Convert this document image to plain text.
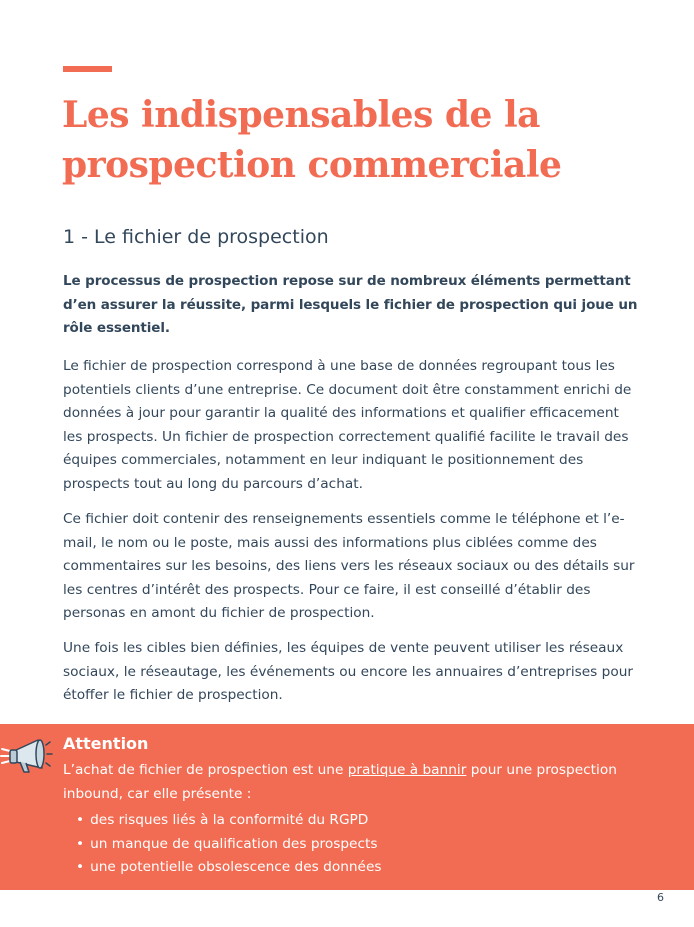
Les indispensables de la prospection commerciale
1 - Le fichier de prospection

Le processus de prospection repose sur de nombreux éléments permettant d’en assurer la réussite, parmi lesquels le fichier de prospection qui joue un rôle essentiel.

Le fichier de prospection correspond à une base de données regroupant tous les potentiels clients d’une entreprise. Ce document doit être constamment enrichi de données à jour pour garantir la qualité des informations et qualifier efficacement les prospects. Un fichier de prospection correctement qualifié facilite le travail des équipes commerciales, notamment en leur indiquant le positionnement des prospects tout au long du parcours d’achat.

Ce fichier doit contenir des renseignements essentiels comme le téléphone et l’e-mail, le nom ou le poste, mais aussi des informations plus ciblées comme des commentaires sur les besoins, des liens vers les réseaux sociaux ou des détails sur les centres d’intérêt des prospects. Pour ce faire, il est conseillé d’établir des personas en amont du fichier de prospection.

Une fois les cibles bien définies, les équipes de vente peuvent utiliser les réseaux sociaux, le réseautage, les événements ou encore les annuaires d’entreprises pour étoffer le fichier de prospection.

Attention

L’achat de fichier de prospection est une pratique à bannir pour une prospection inbound, car elle présente :

• des risques liés à la conformité du RGPD
• un manque de qualification des prospects
• une potentielle obsolescence des données
6
